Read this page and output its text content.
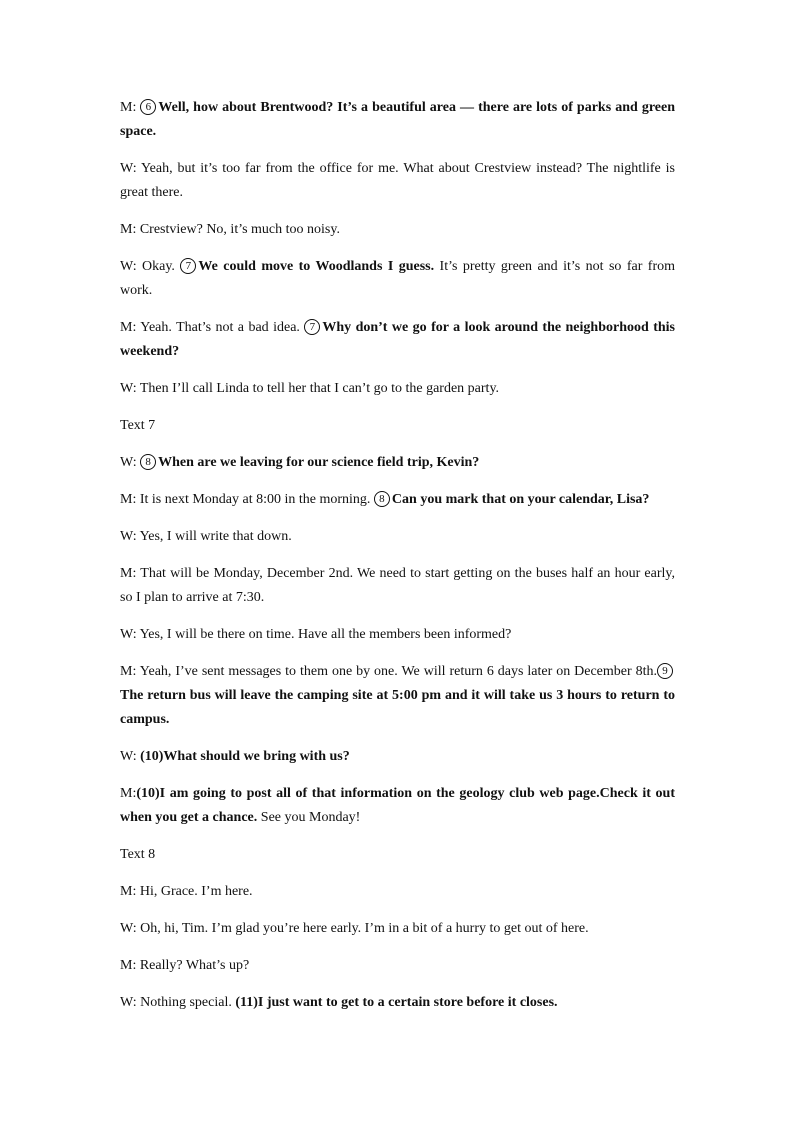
M: 6 Well, how about Brentwood? It’s a beautiful area — there are lots of parks and green space.

W: Yeah, but it’s too far from the office for me. What about Crestview instead? The nightlife is great there.

M: Crestview? No, it’s much too noisy.

W: Okay. 7 We could move to Woodlands I guess. It’s pretty green and it’s not so far from work.

M: Yeah. That’s not a bad idea. 7 Why don’t we go for a look around the neighborhood this weekend?

W: Then I’ll call Linda to tell her that I can’t go to the garden party.

Text 7

W: 8 When are we leaving for our science field trip, Kevin?

M: It is next Monday at 8:00 in the morning. 8 Can you mark that on your calendar, Lisa?

W: Yes, I will write that down.

M: That will be Monday, December 2nd. We need to start getting on the buses half an hour early, so I plan to arrive at 7:30.

W: Yes, I will be there on time. Have all the members been informed?

M: Yeah, I’ve sent messages to them one by one. We will return 6 days later on December 8th. 9The return bus will leave the camping site at 5:00 pm and it will take us 3 hours to return to campus.

W: (10)What should we bring with us?

M:(10)I am going to post all of that information on the geology club web page.Check it out when you get a chance. See you Monday!

Text 8

M: Hi, Grace. I’m here.

W: Oh, hi, Tim. I’m glad you’re here early. I’m in a bit of a hurry to get out of here.

M: Really? What’s up?

W: Nothing special. (11)I just want to get to a certain store before it closes.
